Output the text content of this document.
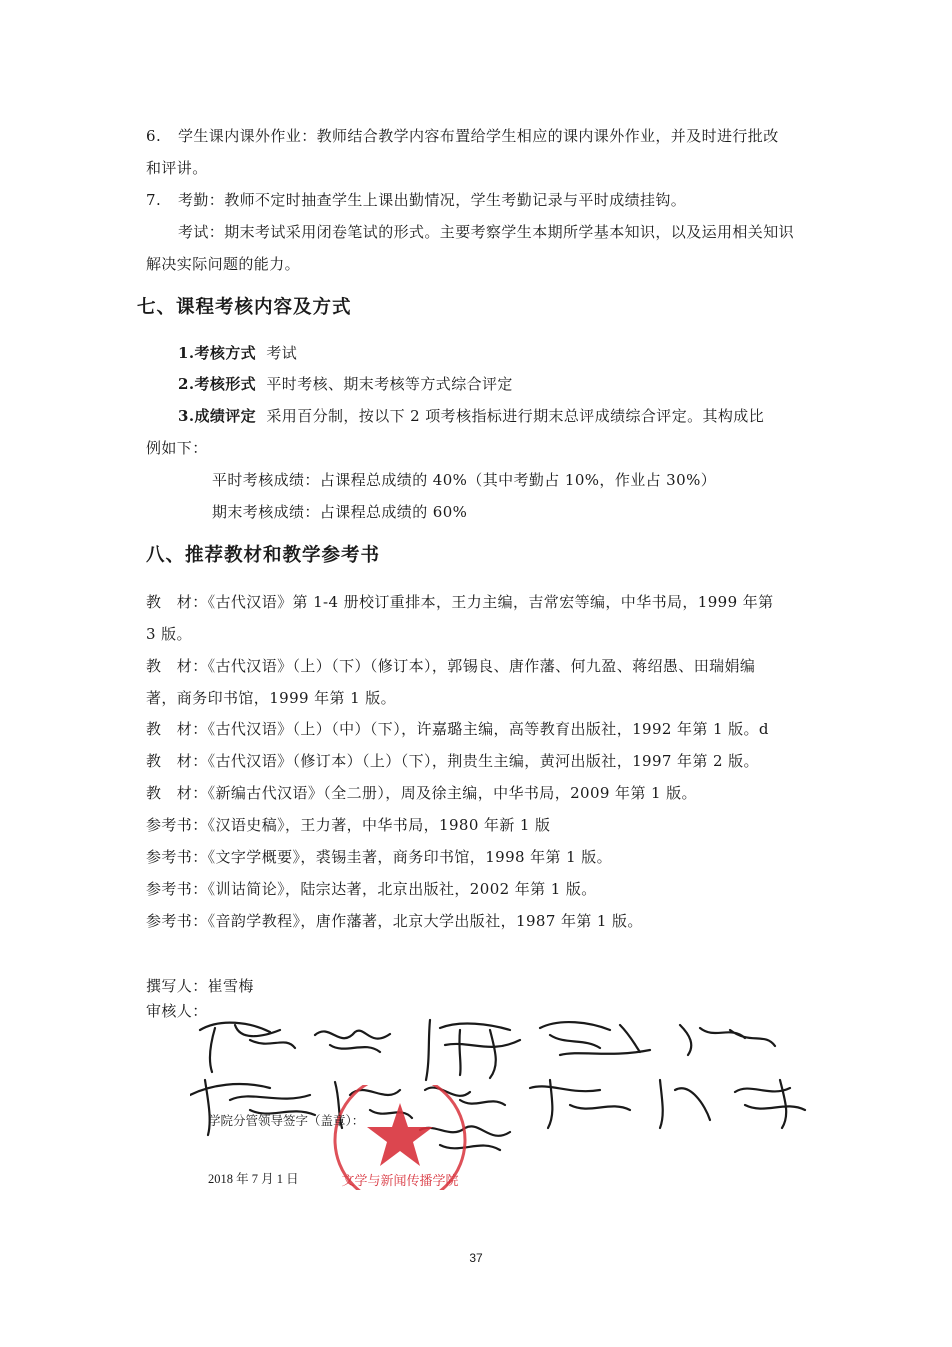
6. 学生课内课外作业：教师结合教学内容布置给学生相应的课内课外作业，并及时进行批改
和评讲。
7. 考勤：教师不定时抽查学生上课出勤情况，学生考勤记录与平时成绩挂钩。
考试：期末考试采用闭卷笔试的形式。主要考察学生本期所学基本知识，以及运用相关知识
解决实际问题的能力。
七、课程考核内容及方式
1.考核方式 考试
2.考核形式 平时考核、期末考核等方式综合评定
3.成绩评定 采用百分制，按以下 2 项考核指标进行期末总评成绩综合评定。其构成比
例如下：
平时考核成绩：占课程总成绩的 40%（其中考勤占 10%，作业占 30%）
期末考核成绩：占课程总成绩的 60%
八、推荐教材和教学参考书
教　材：《古代汉语》第 1-4 册校订重排本，王力主编，吉常宏等编，中华书局，1999 年第
3 版。
教　材：《古代汉语》（上）（下）（修订本），郭锡良、唐作藩、何九盈、蒋绍愚、田瑞娟编
著，商务印书馆，1999 年第 1 版。
教　材：《古代汉语》（上）（中）（下），许嘉璐主编，高等教育出版社，1992 年第 1 版。d
教　材：《古代汉语》（修订本）（上）（下），荆贵生主编，黄河出版社，1997 年第 2 版。
教　材：《新编古代汉语》（全二册），周及徐主编，中华书局，2009 年第 1 版。
参考书：《汉语史稿》，王力著，中华书局，1980 年新 1 版
参考书：《文字学概要》，裘锡圭著，商务印书馆，1998 年第 1 版。
参考书：《训诂简论》，陆宗达著，北京出版社，2002 年第 1 版。
参考书：《音韵学教程》，唐作藩著，北京大学出版社，1987 年第 1 版。
撰写人：崔雪梅
审核人：
文学与新闻传播学院
学院分管领导签字（盖章）：
2018 年 7 月 1 日
37
